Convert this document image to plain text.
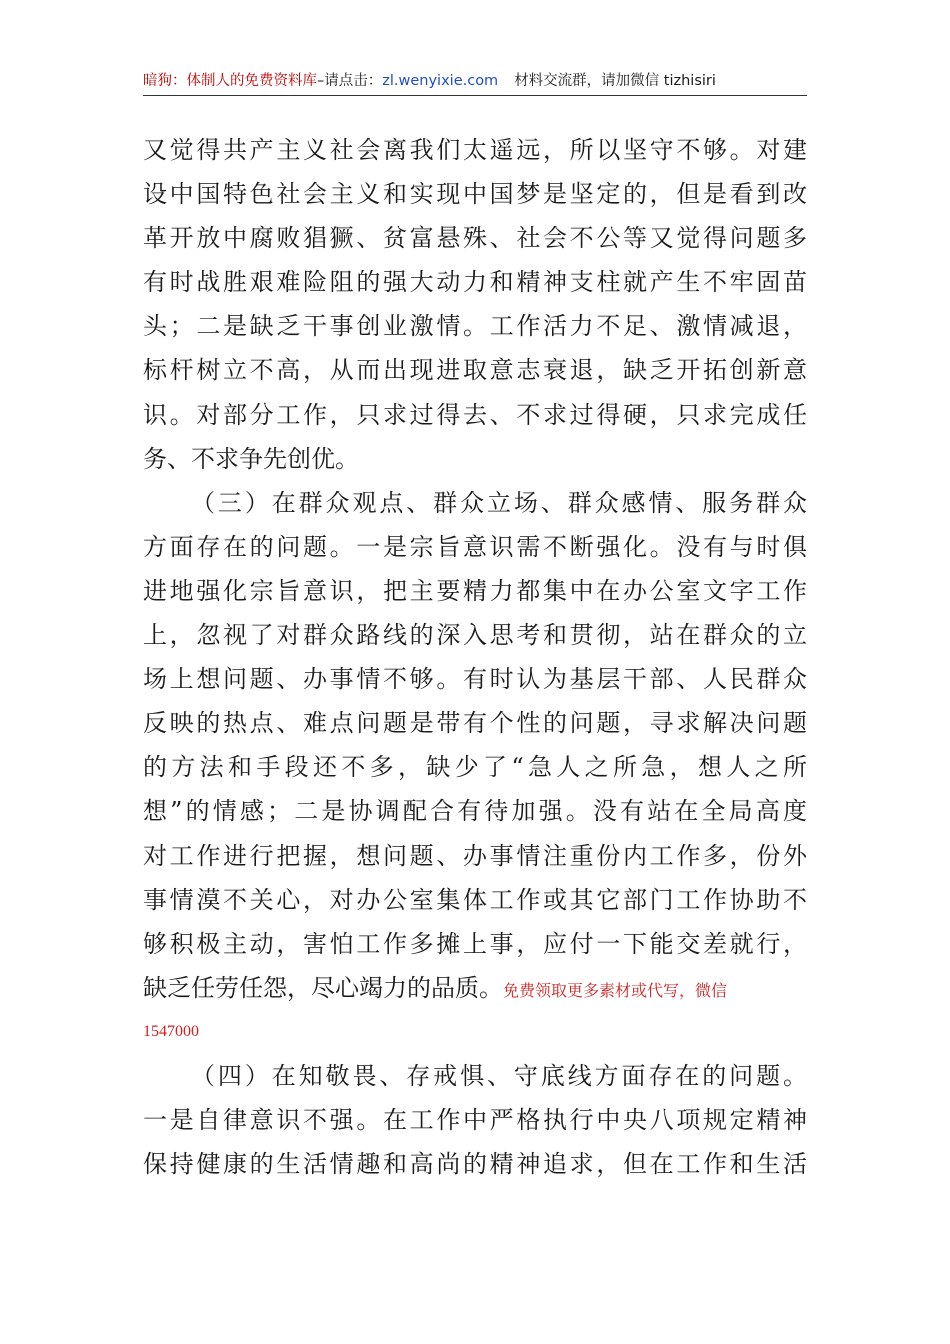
暗狗：体制人的免费资料库–请点击：zl.wenyixie.com 材料交流群，请加微信 tizhisiri
又觉得共产主义社会离我们太遥远，所以坚守不够。对建
设中国特色社会主义和实现中国梦是坚定的，但是看到改
革开放中腐败猖獗、贫富悬殊、社会不公等又觉得问题多
有时战胜艰难险阻的强大动力和精神支柱就产生不牢固苗
头；二是缺乏干事创业激情。工作活力不足、激情减退，
标杆树立不高，从而出现进取意志衰退，缺乏开拓创新意
识。对部分工作，只求过得去、不求过得硬，只求完成任
务、不求争先创优。
（三）在群众观点、群众立场、群众感情、服务群众
方面存在的问题。一是宗旨意识需不断强化。没有与时俱
进地强化宗旨意识，把主要精力都集中在办公室文字工作
上，忽视了对群众路线的深入思考和贯彻，站在群众的立
场上想问题、办事情不够。有时认为基层干部、人民群众
反映的热点、难点问题是带有个性的问题，寻求解决问题
的方法和手段还不多，缺少了“急人之所急，想人之所
想”的情感；二是协调配合有待加强。没有站在全局高度
对工作进行把握，想问题、办事情注重份内工作多，份外
事情漠不关心，对办公室集体工作或其它部门工作协助不
够积极主动，害怕工作多摊上事，应付一下能交差就行，
缺乏任劳任怨，尽心竭力的品质。免费领取更多素材或代写，微信
1547000
（四）在知敬畏、存戒惧、守底线方面存在的问题。
一是自律意识不强。在工作中严格执行中央八项规定精神
保持健康的生活情趣和高尚的精神追求，但在工作和生活
